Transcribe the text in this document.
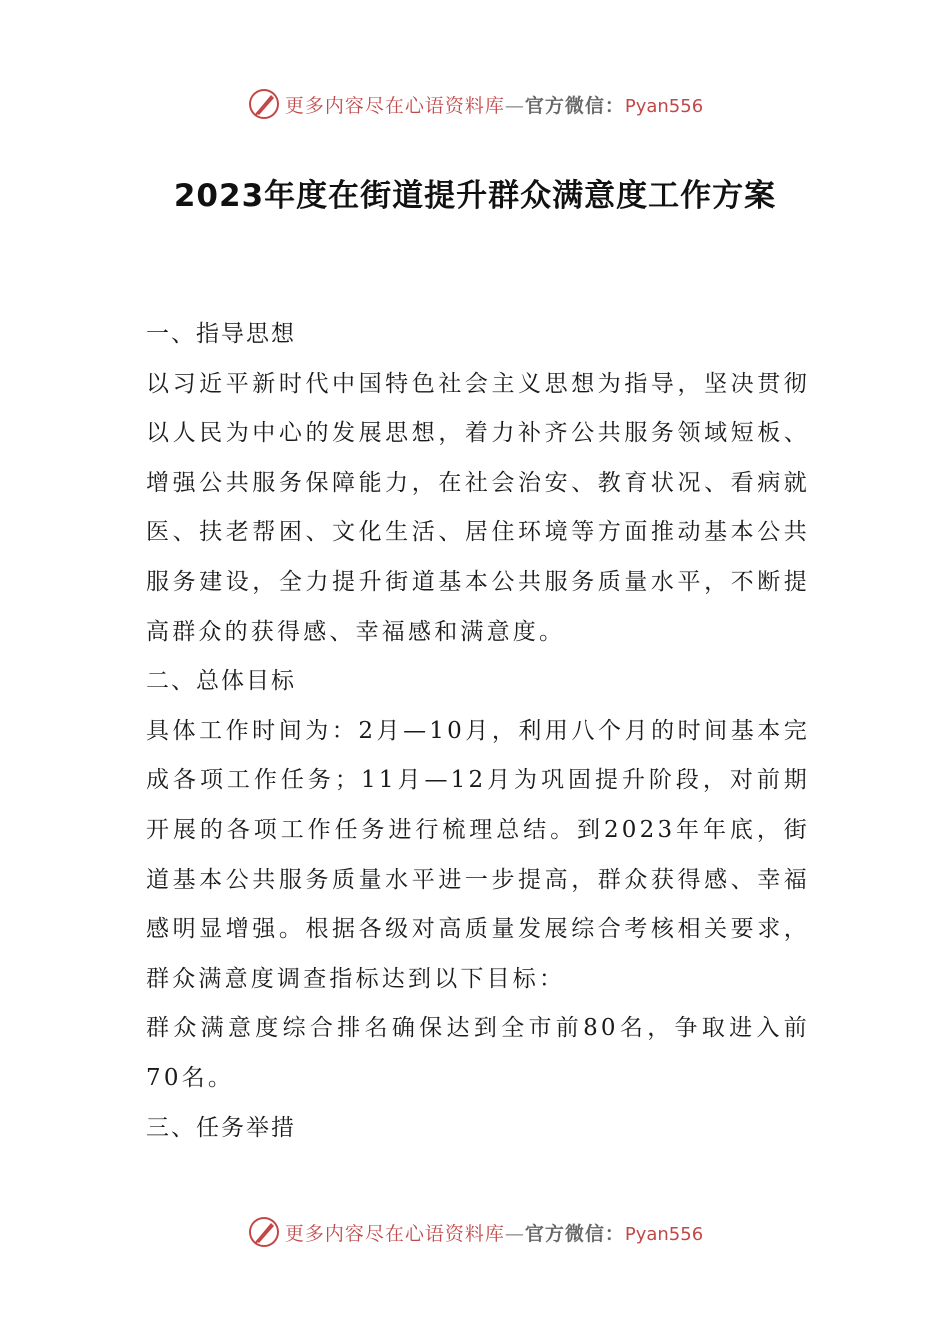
更多内容尽在心语资料库—官方微信：Pyan556
2023年度在街道提升群众满意度工作方案

一、指导思想

以习近平新时代中国特色社会主义思想为指导，坚决贯彻以人民为中心的发展思想，着力补齐公共服务领域短板、增强公共服务保障能力，在社会治安、教育状况、看病就医、扶老帮困、文化生活、居住环境等方面推动基本公共服务建设，全力提升街道基本公共服务质量水平，不断提高群众的获得感、幸福感和满意度。

二、总体目标

具体工作时间为：2月—10月，利用八个月的时间基本完成各项工作任务；11月—12月为巩固提升阶段，对前期开展的各项工作任务进行梳理总结。到2023年年底，街道基本公共服务质量水平进一步提高，群众获得感、幸福感明显增强。根据各级对高质量发展综合考核相关要求，群众满意度调查指标达到以下目标：

群众满意度综合排名确保达到全市前80名，争取进入前70名。

三、任务举措

更多内容尽在心语资料库—官方微信：Pyan556
